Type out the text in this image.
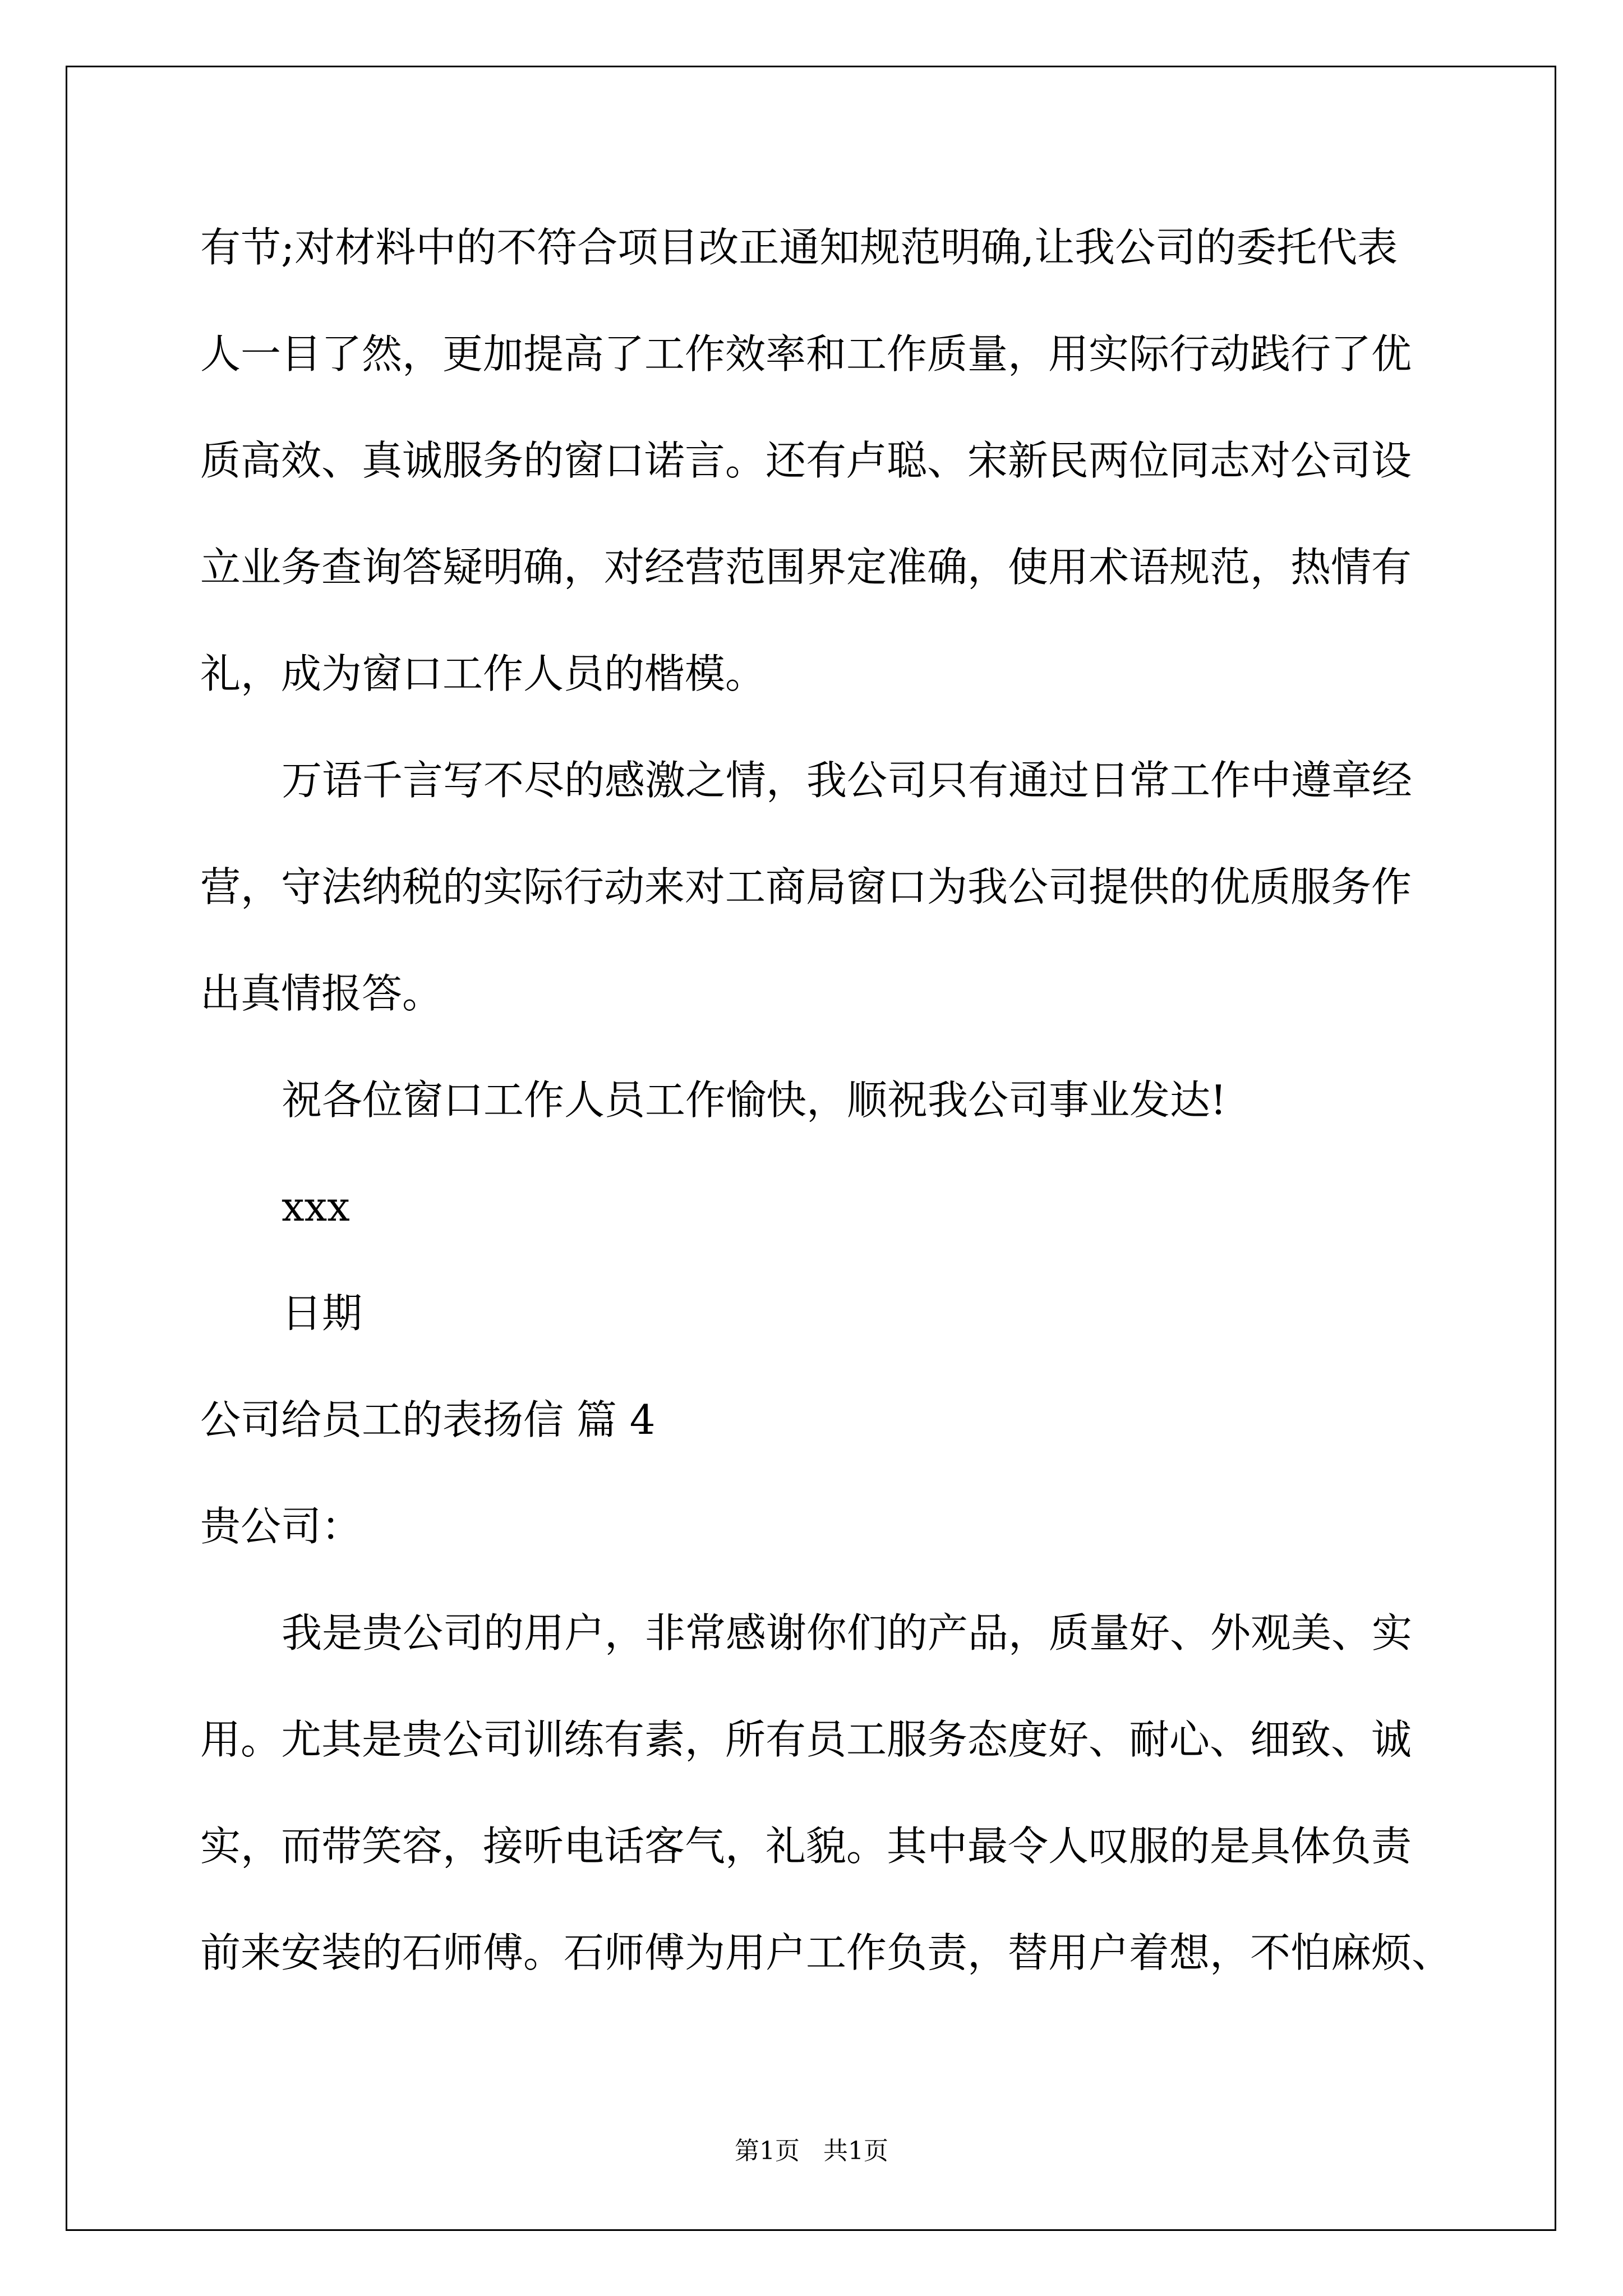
有节;对材料中的不符合项目改正通知规范明确,让我公司的委托代表
人一目了然，更加提高了工作效率和工作质量，用实际行动践行了优
质高效、真诚服务的窗口诺言。还有卢聪、宋新民两位同志对公司设
立业务查询答疑明确，对经营范围界定准确，使用术语规范，热情有
礼，成为窗口工作人员的楷模。
万语千言写不尽的感激之情，我公司只有通过日常工作中遵章经
营，守法纳税的实际行动来对工商局窗口为我公司提供的优质服务作
出真情报答。
祝各位窗口工作人员工作愉快，顺祝我公司事业发达!
xxx
日期
公司给员工的表扬信 篇 4
贵公司：
我是贵公司的用户，非常感谢你们的产品，质量好、外观美、实
用。尤其是贵公司训练有素，所有员工服务态度好、耐心、细致、诚
实，而带笑容，接听电话客气，礼貌。其中最令人叹服的是具体负责
前来安装的石师傅。石师傅为用户工作负责，替用户着想，不怕麻烦、
第1页   共1页
